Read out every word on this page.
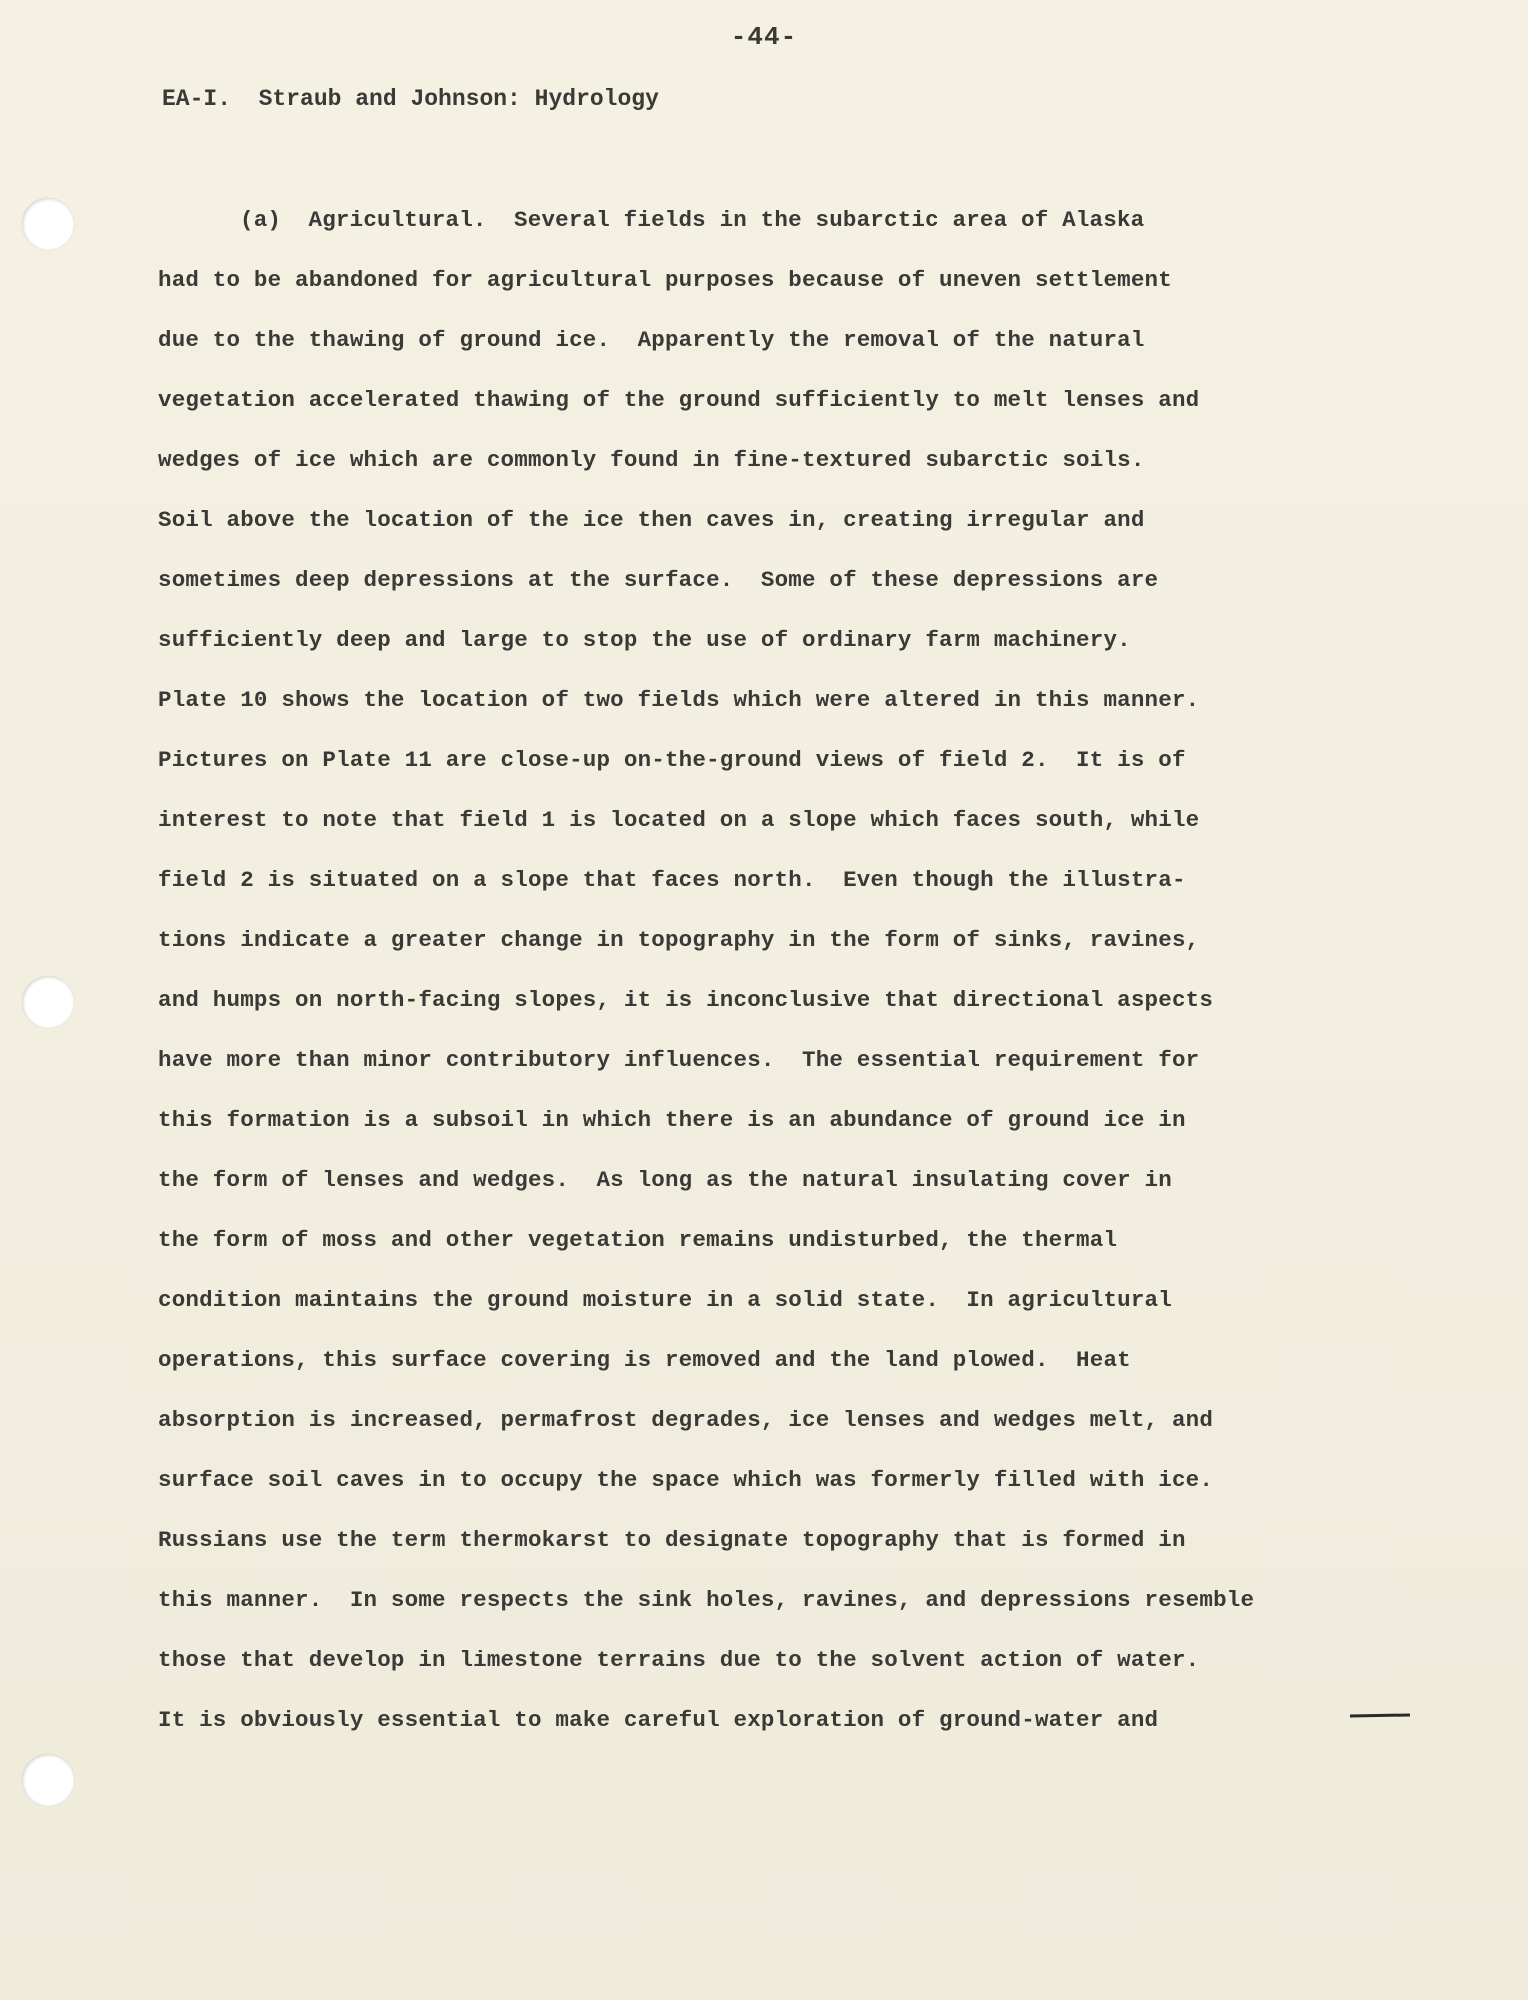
-44-
EA-I.  Straub and Johnson: Hydrology
(a)  Agricultural.  Several fields in the subarctic area of Alaska
had to be abandoned for agricultural purposes because of uneven settlement
due to the thawing of ground ice.  Apparently the removal of the natural
vegetation accelerated thawing of the ground sufficiently to melt lenses and
wedges of ice which are commonly found in fine-textured subarctic soils.
Soil above the location of the ice then caves in, creating irregular and
sometimes deep depressions at the surface.  Some of these depressions are
sufficiently deep and large to stop the use of ordinary farm machinery.
Plate 10 shows the location of two fields which were altered in this manner.
Pictures on Plate 11 are close-up on-the-ground views of field 2.  It is of
interest to note that field 1 is located on a slope which faces south, while
field 2 is situated on a slope that faces north.  Even though the illustra-
tions indicate a greater change in topography in the form of sinks, ravines,
and humps on north-facing slopes, it is inconclusive that directional aspects
have more than minor contributory influences.  The essential requirement for
this formation is a subsoil in which there is an abundance of ground ice in
the form of lenses and wedges.  As long as the natural insulating cover in
the form of moss and other vegetation remains undisturbed, the thermal
condition maintains the ground moisture in a solid state.  In agricultural
operations, this surface covering is removed and the land plowed.  Heat
absorption is increased, permafrost degrades, ice lenses and wedges melt, and
surface soil caves in to occupy the space which was formerly filled with ice.
Russians use the term thermokarst to designate topography that is formed in
this manner.  In some respects the sink holes, ravines, and depressions resemble
those that develop in limestone terrains due to the solvent action of water.
It is obviously essential to make careful exploration of ground-water and
